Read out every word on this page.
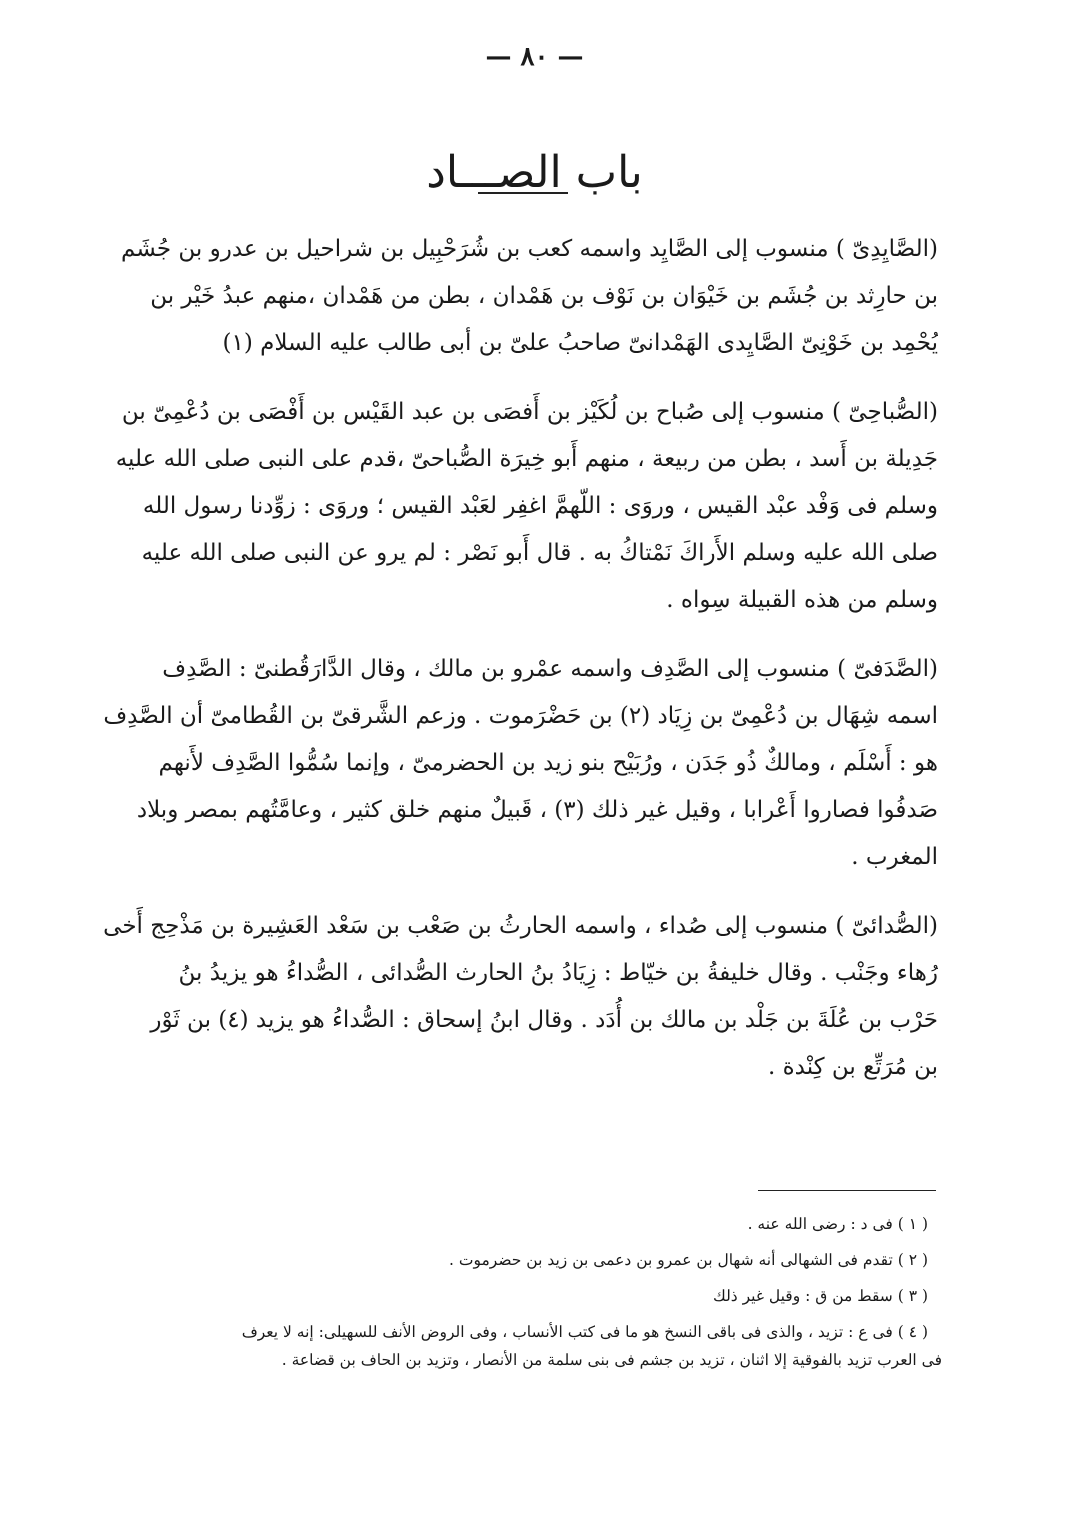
— ٨٠ —
باب الصـــاد
(الصَّايِدِىّ ) منسوب إلى الصَّايِد واسمه كعب بن شُرَحْبِيل بن شراحيل بن عدرو بن جُشَم
بن حارِثد بن جُشَم بن خَيْوَان بن نَوْف بن هَمْدان ، بطن من هَمْدان ،منهم عبدُ خَيْر بن
يُحْمِد بن خَوْنِىّ الصَّايِدى الهَمْدانىّ صاحبُ علىّ بن أبى طالب عليه السلام (١)
(الصُّباحِىّ ) منسوب إلى صُباح بن لُكَيْز بن أَفصَى بن عبد القَيْس بن أَفْصَى بن دُعْمِىّ بن
جَدِيلة بن أَسد ، بطن من ربيعة ، منهم أَبو خِيرَة الصُّباحىّ ،قدم على النبى صلى الله عليه
وسلم فى وَفْد عبْد القيس ، وروَى : اللّهمَّ اغفِر لعَبْد القيس ؛ وروَى : زوِّدنا رسول الله
صلى الله عليه وسلم الأَراكَ نَمْتاكُ به . قال أَبو نَصْر : لم يرو عن النبى صلى الله عليه
وسلم من هذه القبيلة سِواه .
(الصَّدَفىّ ) منسوب إلى الصَّدِف واسمه عمْرو بن مالك ، وقال الدَّارَقُطنىّ : الصَّدِف
اسمه شِهَال بن دُعْمِىّ بن زِيَاد (٢) بن حَضْرَموت . وزعم الشَّرقىّ بن القُطامىّ أن الصَّدِف
هو : أَسْلَم ، ومالكٌ ذُو جَدَن ، ورُبَيْح بنو زيد بن الحضرمىّ ، وإنما سُمُّوا الصَّدِف لأَنهم
صَدفُوا فصاروا أَعْرابا ، وقيل غير ذلك (٣) ، قَبيلٌ منهم خلق كثير ، وعامَّتُهم بمصر وبلاد
المغرب .
(الصُّدائىّ ) منسوب إلى صُداء ، واسمه الحارثُ بن صَعْب بن سَعْد العَشِيرة بن مَذْحِج أَخى
رُهاء وجَنْب . وقال خليفةُ بن خيّاط : زِيَادُ بنُ الحارث الصُّدائى ، الصُّداءُ هو يزيدُ بنُ
حَرْب بن عُلَةَ بن جَلْد بن مالك بن أُدَد . وقال ابنُ إسحاق : الصُّداءُ هو يزيد (٤) بن ثَوْر
بن مُرَتِّع بن كِنْدة .
( ١ ) فى د : رضى الله عنه .
( ٢ ) تقدم فى الشهالى أنه شهال بن عمرو بن دعمى بن زيد بن حضرموت .
( ٣ ) سقط من ق : وقيل غير ذلك
( ٤ ) فى ع : تزيد ، والذى فى باقى النسخ هو ما فى كتب الأنساب ، وفى الروض الأنف للسهيلى: إنه لا يعرف
فى العرب تزيد بالفوقية إلا اثنان ، تزيد بن جشم فى بنى سلمة من الأنصار ، وتزيد بن الحاف بن قضاعة .
